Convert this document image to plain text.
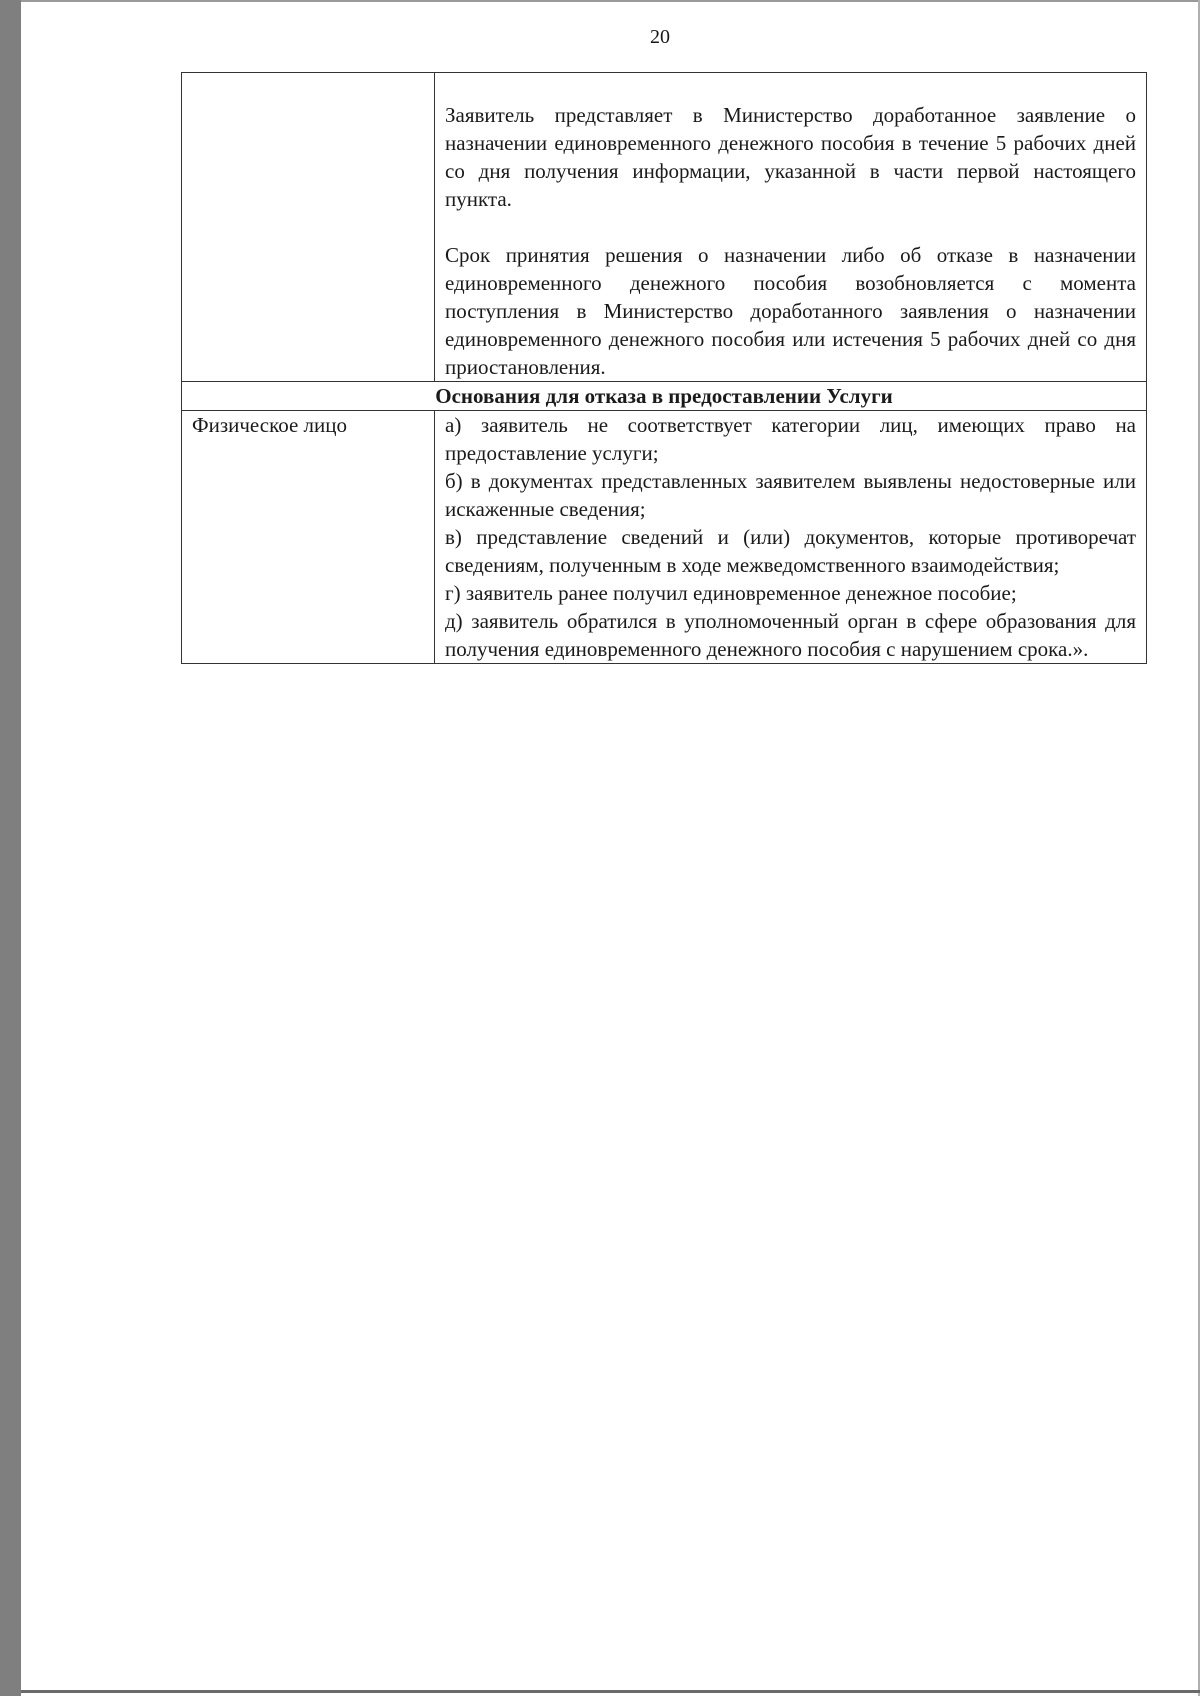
20

	Заявитель представляет в Министерство доработанное заявление о назначении единовременного денежного пособия в течение 5 рабочих дней со дня получения информации, указанной в части первой настоящего пункта.

Срок принятия решения о назначении либо об отказе в назначении единовременного денежного пособия возобновляется с момента поступления в Министерство доработанного заявления о назначении единовременного денежного пособия или истечения 5 рабочих дней со дня приостановления.

Основания для отказа в предоставлении Услуги	
Физическое лицо	а) заявитель не соответствует категории лиц, имеющих право на предоставление услуги;

б) в документах представленных заявителем выявлены недостоверные или искаженные сведения;

в) представление сведений и (или) документов, которые противоречат сведениям, полученным в ходе межведомственного взаимодействия;

г) заявитель ранее получил единовременное денежное пособие;

д) заявитель обратился в уполномоченный орган в сфере образования для получения единовременного денежного пособия с нарушением срока.».
